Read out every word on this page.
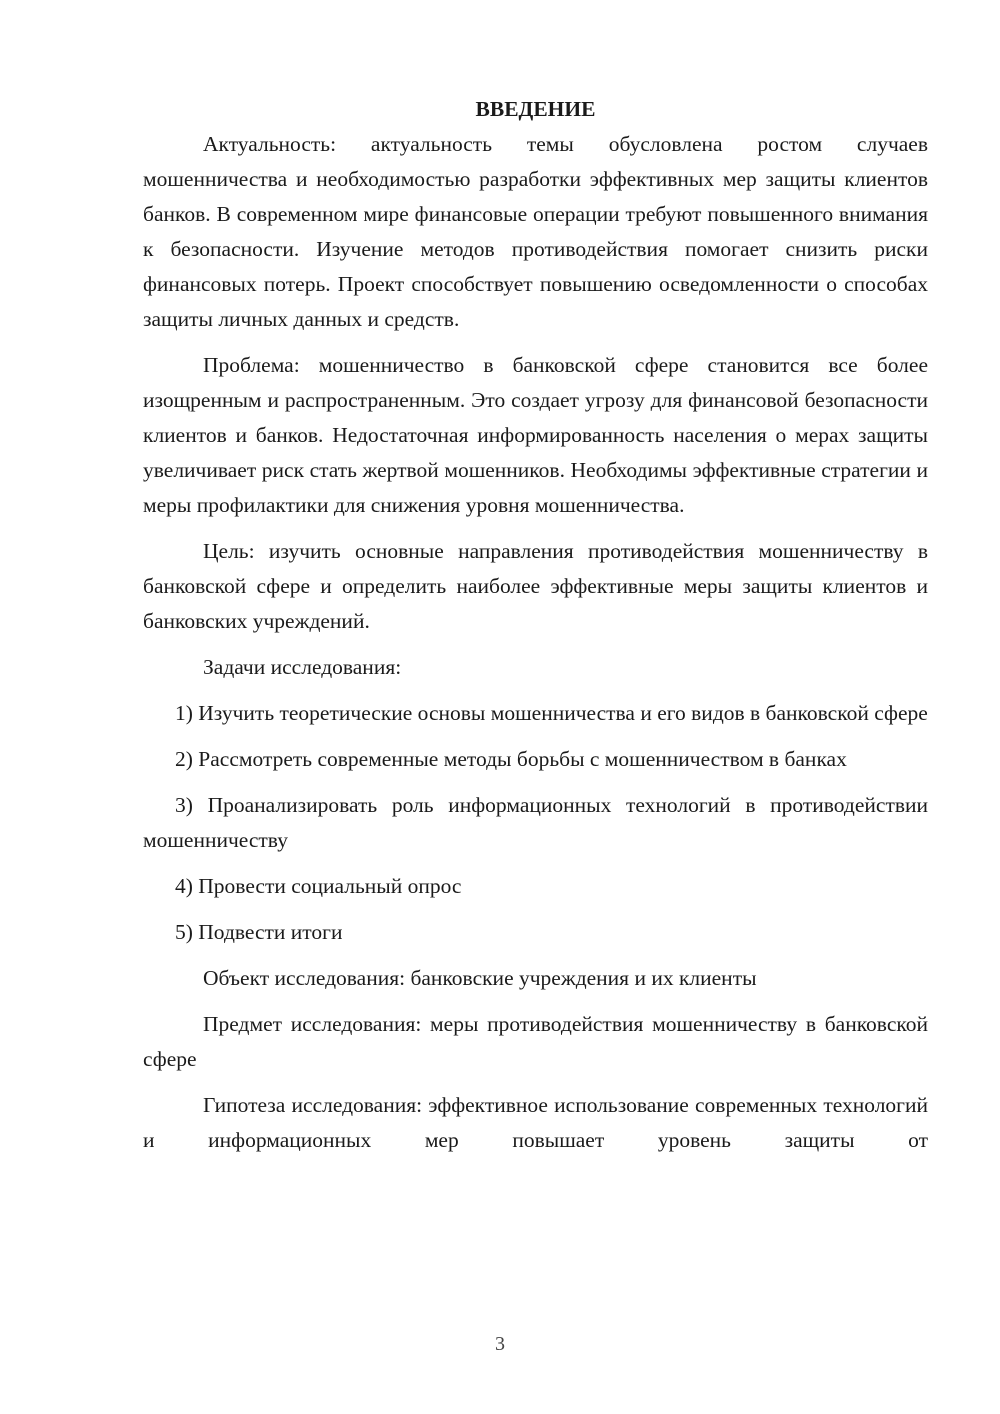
ВВЕДЕНИЕ

Актуальность: актуальность темы обусловлена ростом случаев мошенничества и необходимостью разработки эффективных мер защиты клиентов банков. В современном мире финансовые операции требуют повышенного внимания к безопасности. Изучение методов противодействия помогает снизить риски финансовых потерь. Проект способствует повышению осведомленности о способах защиты личных данных и средств.

Проблема: мошенничество в банковской сфере становится все более изощренным и распространенным. Это создает угрозу для финансовой безопасности клиентов и банков. Недостаточная информированность населения о мерах защиты увеличивает риск стать жертвой мошенников. Необходимы эффективные стратегии и меры профилактики для снижения уровня мошенничества.

Цель: изучить основные направления противодействия мошенничеству в банковской сфере и определить наиболее эффективные меры защиты клиентов и банковских учреждений.

Задачи исследования:

1) Изучить теоретические основы мошенничества и его видов в банковской сфере

2) Рассмотреть современные методы борьбы с мошенничеством в банках

3) Проанализировать роль информационных технологий в противодействии мошенничеству

4) Провести социальный опрос

5) Подвести итоги

Объект исследования: банковские учреждения и их клиенты

Предмет исследования: меры противодействия мошенничеству в банковской сфере

Гипотеза исследования: эффективное использование современных технологий и информационных мер повышает уровень защиты от

3
